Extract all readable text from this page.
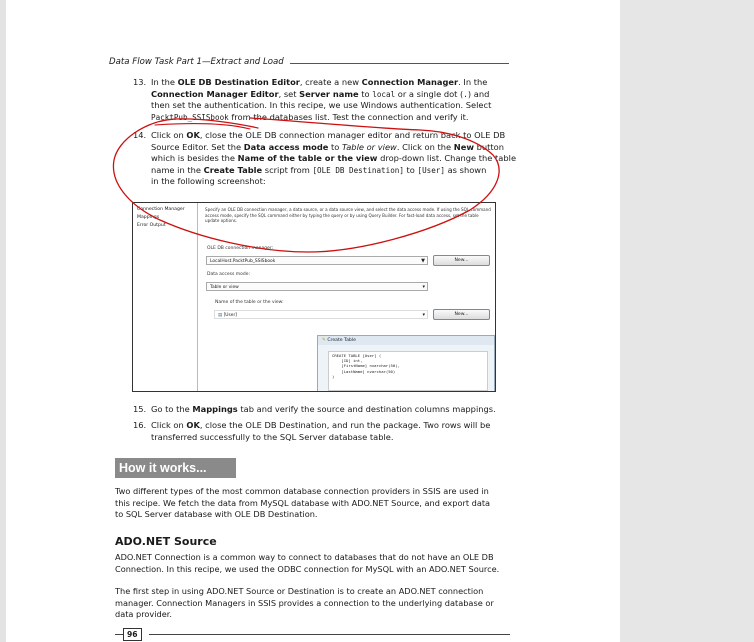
Data Flow Task Part 1—Extract and Load
13. In the OLE DB Destination Editor, create a new Connection Manager. In the
Connection Manager Editor, set Server name to local or a single dot (.) and
then set the authentication. In this recipe, we use Windows authentication. Select
PacktPub_SSISbook from the databases list. Test the connection and verify it.
14. Click on OK, close the OLE DB connection manager editor and return back to OLE DB
Source Editor. Set the Data access mode to Table or view. Click on the New button
which is besides the Name of the table or the view drop-down list. Change the table
name in the Create Table script from [OLE DB Destination] to [User] as shown
in the following screenshot:
Connection Manager
Mappings
Error Output
Specify an OLE DB connection manager, a data source, or a data source view, and select the data access mode. If using the SQL command access mode, specify the SQL command either by typing the query or by using Query Builder. For fast-load data access, set the table update options.
OLE DB connection manager:
LocalHost.PacktPub_SSISbook	▼	New...
Data access mode:
Table or view	▾
Name of the table or the view:
▤ [User]	▾	New...
✎ Create Table
CREATE TABLE [User] (
[ID] int,
[FirstName] nvarchar(50),
[LastName] nvarchar(50)
)
15. Go to the Mappings tab and verify the source and destination columns mappings.
16. Click on OK, close the OLE DB Destination, and run the package. Two rows will be
transferred successfully to the SQL Server database table.
How it works...
Two different types of the most common database connection providers in SSIS are used in
this recipe. We fetch the data from MySQL database with ADO.NET Source, and export data
to SQL Server database with OLE DB Destination.
ADO.NET Source
ADO.NET Connection is a common way to connect to databases that do not have an OLE DB
Connection. In this recipe, we used the ODBC connection for MySQL with an ADO.NET Source.
The first step in using ADO.NET Source or Destination is to create an ADO.NET connection
manager. Connection Managers in SSIS provides a connection to the underlying database or
data provider.
96
